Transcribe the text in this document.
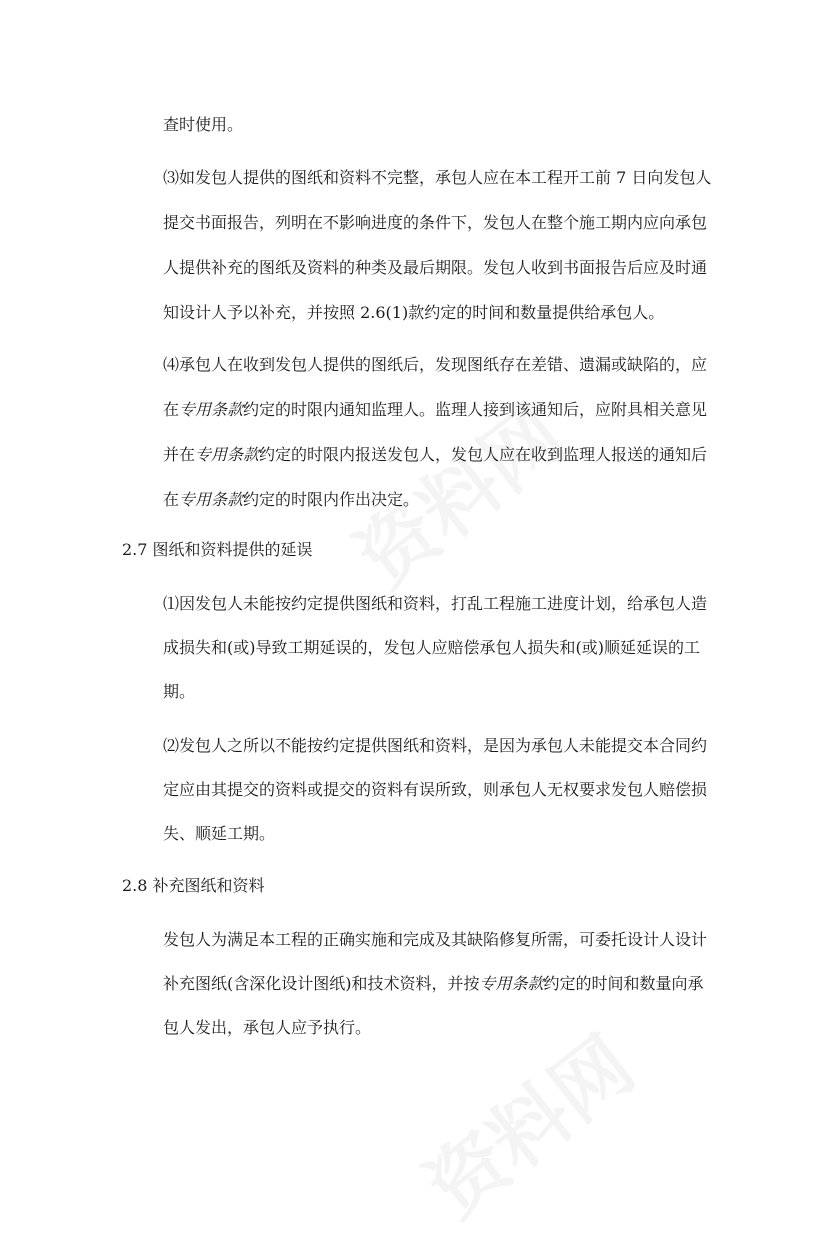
查时使用。
⑶如发包人提供的图纸和资料不完整，承包人应在本工程开工前 7 日向发包人
提交书面报告，列明在不影响进度的条件下，发包人在整个施工期内应向承包
人提供补充的图纸及资料的种类及最后期限。发包人收到书面报告后应及时通
知设计人予以补充，并按照 2.6(1)款约定的时间和数量提供给承包人。
⑷承包人在收到发包人提供的图纸后，发现图纸存在差错、遗漏或缺陷的，应
在专用条款约定的时限内通知监理人。监理人接到该通知后，应附具相关意见
并在专用条款约定的时限内报送发包人，发包人应在收到监理人报送的通知后
在专用条款约定的时限内作出决定。
2.7 图纸和资料提供的延误
⑴因发包人未能按约定提供图纸和资料，打乱工程施工进度计划，给承包人造
成损失和(或)导致工期延误的，发包人应赔偿承包人损失和(或)顺延延误的工
期。
⑵发包人之所以不能按约定提供图纸和资料，是因为承包人未能提交本合同约
定应由其提交的资料或提交的资料有误所致，则承包人无权要求发包人赔偿损
失、顺延工期。
2.8 补充图纸和资料
发包人为满足本工程的正确实施和完成及其缺陷修复所需，可委托设计人设计
补充图纸(含深化设计图纸)和技术资料，并按专用条款约定的时间和数量向承
包人发出，承包人应予执行。
